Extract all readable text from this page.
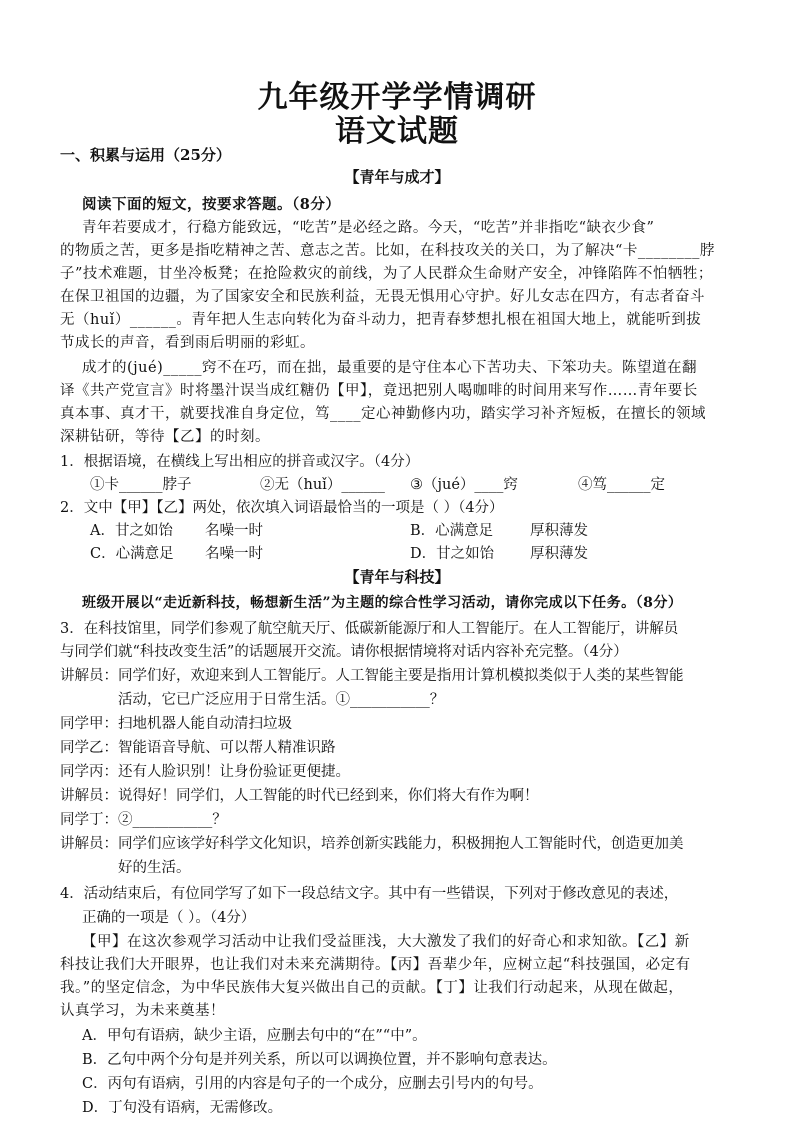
九年级开学学情调研
语文试题
一、积累与运用（25分）
【青年与成才】
阅读下面的短文，按要求答题。（8分）
青年若要成才，行稳方能致远，“吃苦”是必经之路。今天，“吃苦”并非指吃“缺衣少食”
的物质之苦，更多是指吃精神之苦、意志之苦。比如，在科技攻关的关口，为了解决“卡________脖
子”技术难题，甘坐冷板凳；在抢险救灾的前线，为了人民群众生命财产安全，冲锋陷阵不怕牺牲；
在保卫祖国的边疆，为了国家安全和民族利益，无畏无惧用心守护。好儿女志在四方，有志者奋斗
无（huǐ）______。青年把人生志向转化为奋斗动力，把青春梦想扎根在祖国大地上，就能听到拔
节成长的声音，看到雨后明丽的彩虹。
成才的(jué)_____窍不在巧，而在拙，最重要的是守住本心下苦功夫、下笨功夫。陈望道在翻
译《共产党宣言》时将墨汁误当成红糖仍【甲】，竟迅把别人喝咖啡的时间用来写作……青年要长
真本事、真才干，就要找准自身定位，笃____定心神勤修内功，踏实学习补齐短板，在擅长的领域
深耕钻研，等待【乙】的时刻。
1．根据语境，在横线上写出相应的拼音或汉字。（4分）
①卡______脖子	②无（huǐ）______ ③（jué）____窍	④笃______定
2．文中【甲】【乙】两处，依次填入词语最恰当的一项是（ ）（4分）
A．甘之如饴 名噪一时	B．心满意足	厚积薄发
C．心满意足 名噪一时	D．甘之如饴 厚积薄发
【青年与科技】
班级开展以“走近新科技，畅想新生活”为主题的综合性学习活动，请你完成以下任务。（8分）
3．在科技馆里，同学们参观了航空航天厅、低碳新能源厅和人工智能厅。在人工智能厅，讲解员
与同学们就“科技改变生活”的话题展开交流。请你根据情境将对话内容补充完整。（4分）
讲解员：同学们好，欢迎来到人工智能厅。人工智能主要是指用计算机模拟类似于人类的某些智能
活动，它已广泛应用于日常生活。①___________？
同学甲：扫地机器人能自动清扫垃圾
同学乙：智能语音导航、可以帮人精准识路
同学丙：还有人脸识别！让身份验证更便捷。
讲解员：说得好！同学们，人工智能的时代已经到来，你们将大有作为啊！
同学丁：②___________？
讲解员：同学们应该学好科学文化知识，培养创新实践能力，积极拥抱人工智能时代，创造更加美
好的生活。
4．活动结束后，有位同学写了如下一段总结文字。其中有一些错误，下列对于修改意见的表述，
正确的一项是（ ）。（4分）
【甲】在这次参观学习活动中让我们受益匪浅，大大激发了我们的好奇心和求知欲。【乙】新
科技让我们大开眼界，也让我们对未来充满期待。【丙】吾辈少年，应树立起“科技强国，必定有
我。”的坚定信念，为中华民族伟大复兴做出自己的贡献。【丁】让我们行动起来，从现在做起，
认真学习，为未来奠基！
A．甲句有语病，缺少主语，应删去句中的“在”“中”。
B．乙句中两个分句是并列关系，所以可以调换位置，并不影响句意表达。
C．丙句有语病，引用的内容是句子的一个成分，应删去引号内的句号。
D．丁句没有语病，无需修改。
